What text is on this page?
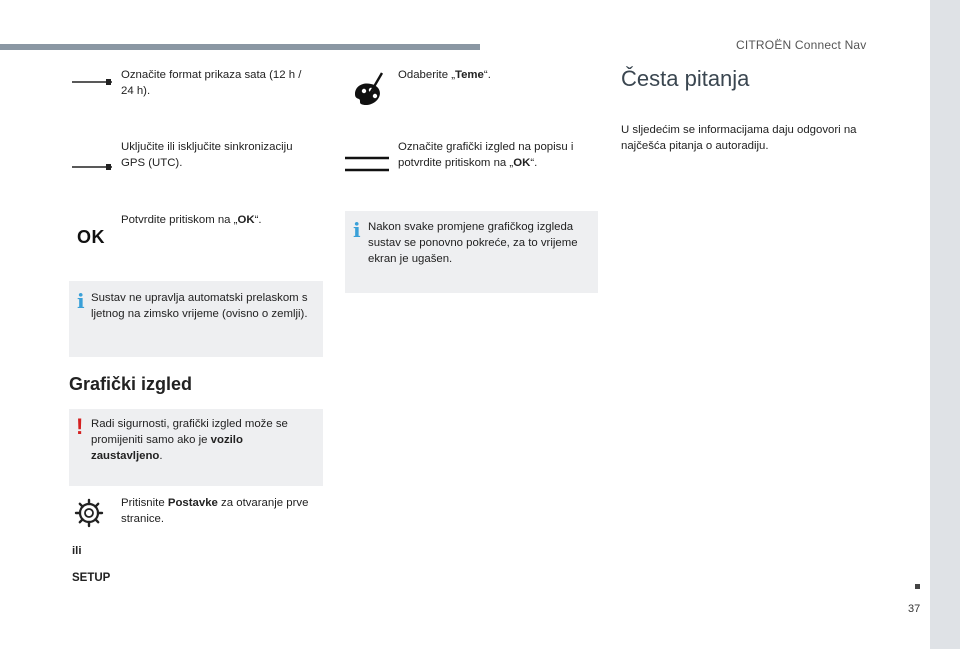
CITROËN Connect Nav
37
Označite format prikaza sata (12 h / 24 h).
Uključite ili isključite sinkronizaciju GPS (UTC).
OK
Potvrdite pritiskom na „OK“.
i Sustav ne upravlja automatski prelaskom s ljetnog na zimsko vrijeme (ovisno o zemlji).
Grafički izgled
! Radi sigurnosti, grafički izgled može se promijeniti samo ako je vozilo zaustavljeno.
Pritisnite Postavke za otvaranje prve stranice.
ili
SETUP
Odaberite „Teme“.
Označite grafički izgled na popisu i potvrdite pritiskom na „OK“.
i Nakon svake promjene grafičkog izgleda sustav se ponovno pokreće, za to vrijeme ekran je ugašen.
Česta pitanja
U sljedećim se informacijama daju odgovori na najčešća pitanja o autoradiju.
